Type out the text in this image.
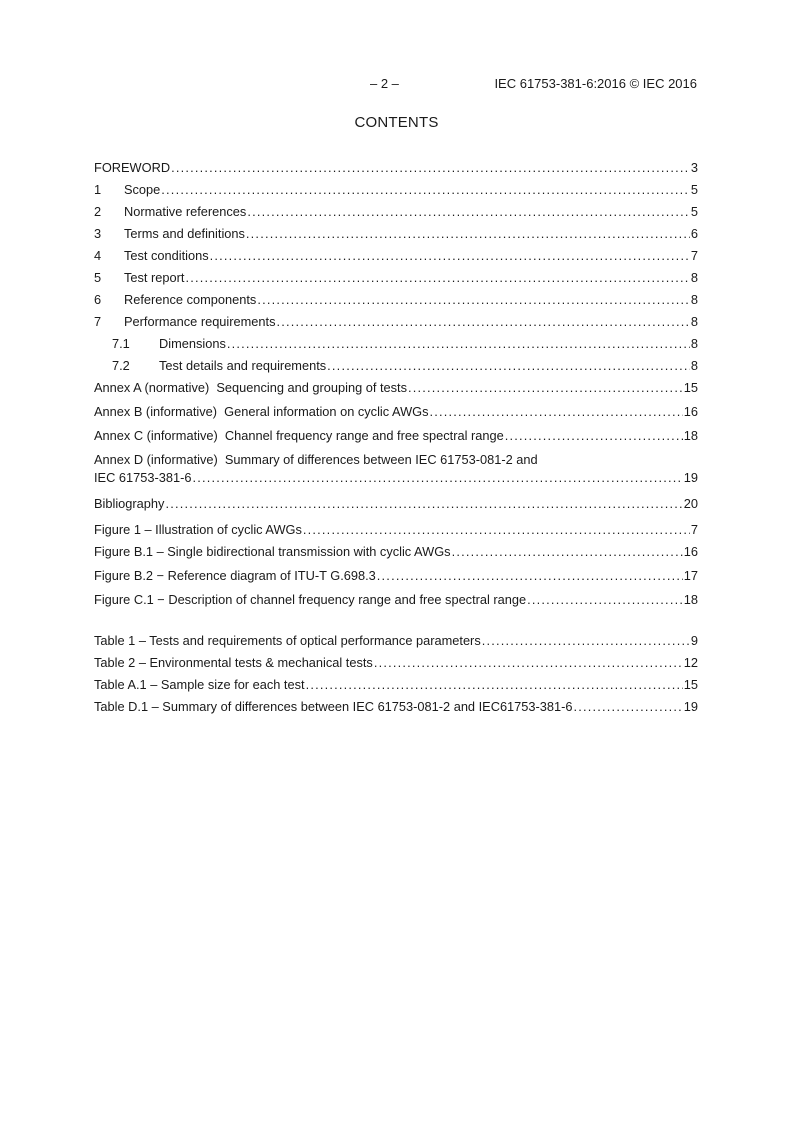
– 2 –	IEC 61753-381-6:2016 © IEC 2016
CONTENTS
FOREWORD .....	3
1	Scope .....	5
2	Normative references .....	5
3	Terms and definitions .....	6
4	Test conditions .....	7
5	Test report .....	8
6	Reference components .....	8
7	Performance requirements .....	8
7.1	Dimensions .....	8
7.2	Test details and requirements .....	8
Annex A (normative)  Sequencing and grouping of tests .....	15
Annex B (informative)  General information on cyclic AWGs .....	16
Annex C (informative)  Channel frequency range and free spectral range .....	18
Annex D (informative)  Summary of differences between IEC 61753-081-2 and
IEC 61753-381-6 .....	19
Bibliography .....	20
Figure 1 – Illustration of cyclic AWGs .....	7
Figure B.1 – Single bidirectional transmission with cyclic AWGs .....	16
Figure B.2 − Reference diagram of ITU-T G.698.3 .....	17
Figure C.1 − Description of channel frequency range and free spectral range .....	18
Table 1 – Tests and requirements of optical performance parameters .....	9
Table 2 – Environmental tests & mechanical tests .....	12
Table A.1 – Sample size for each test .....	15
Table D.1 – Summary of differences between IEC 61753-081-2 and IEC61753-381-6 .....	19
